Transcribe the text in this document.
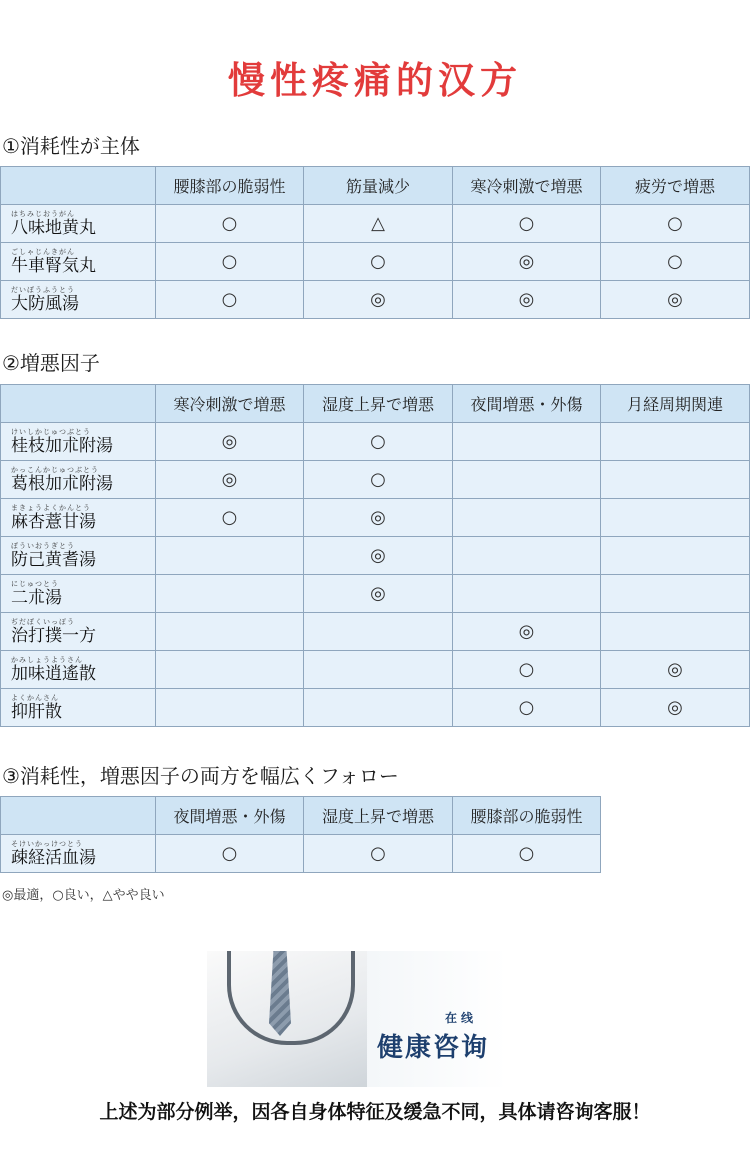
慢性疼痛的汉方
①消耗性が主体
	腰膝部の脆弱性	筋量減少	寒冷刺激で増悪	疲労で増悪

はちみじおうがん
八味地黄丸	○	△	○	○

ごしゃじんきがん
牛車腎気丸	○	○	◎	○

だいぼうふうとう
大防風湯	○	◎	◎	◎
②増悪因子
	寒冷刺激で増悪	湿度上昇で増悪	夜間増悪・外傷	月経周期関連

けいしかじゅつぶとう
桂枝加朮附湯	◎	○		

かっこんかじゅつぶとう
葛根加朮附湯	◎	○		

まきょうよくかんとう
麻杏薏甘湯	○	◎		

ぼういおうぎとう
防己黄耆湯		◎		

にじゅつとう
二朮湯		◎		

ぢだぼくいっぽう
治打撲一方			◎	

かみしょうようさん
加味逍遙散			○	◎

よくかんさん
抑肝散			○	◎
③消耗性，増悪因子の両方を幅広くフォロー
	夜間増悪・外傷	湿度上昇で増悪	腰膝部の脆弱性

そけいかっけつとう
疎経活血湯	○	○	○
◎最適，○良い，△やや良い
在线
健康咨询
上述为部分例举，因各自身体特征及缓急不同，具体请咨询客服！
